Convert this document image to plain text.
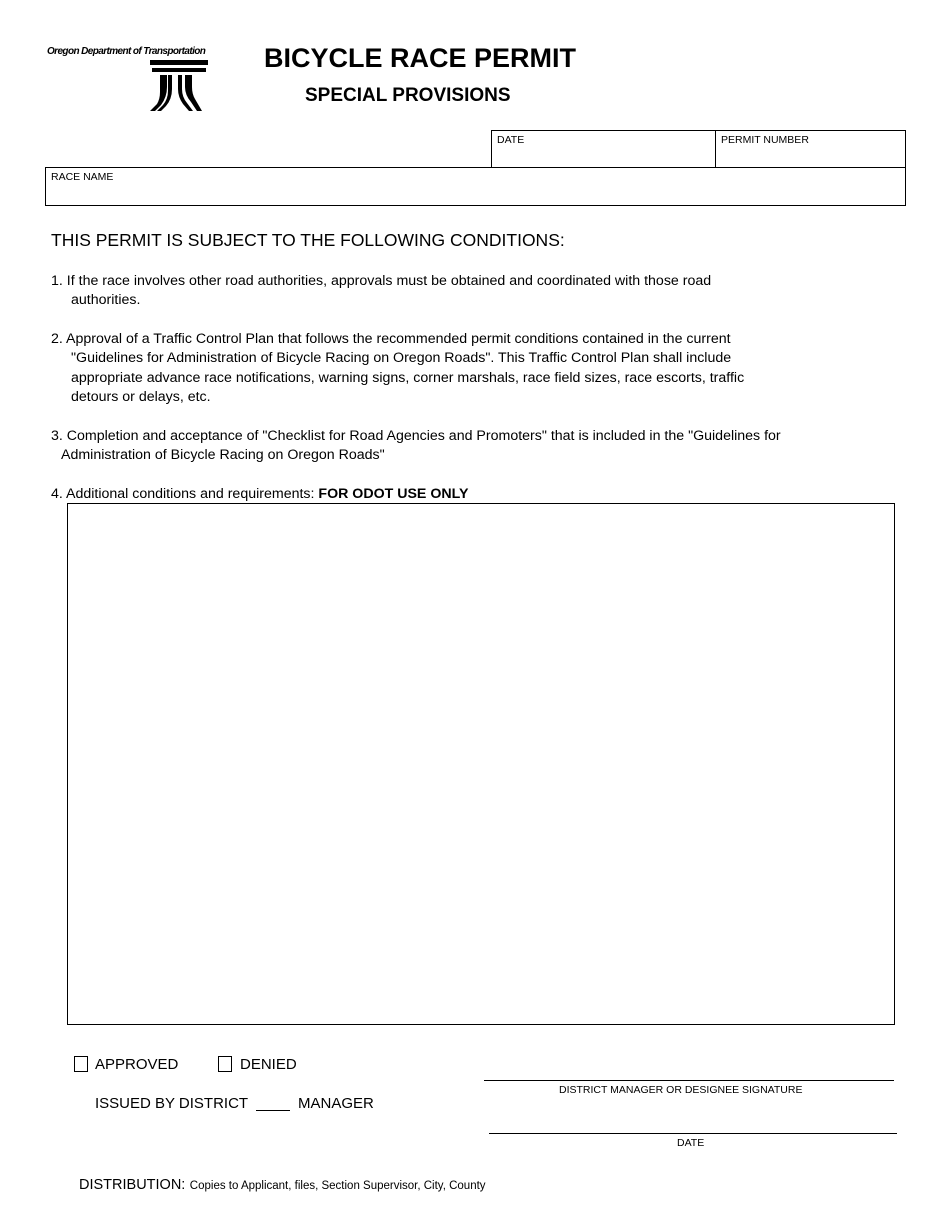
Oregon Department of Transportation BICYCLE RACE PERMIT
SPECIAL PROVISIONS
DATE	PERMIT NUMBER
RACE NAME
THIS PERMIT IS SUBJECT TO THE FOLLOWING CONDITIONS:
1. If the race involves other road authorities, approvals must be obtained and coordinated with those road
authorities.
2. Approval of a Traffic Control Plan that follows the recommended permit conditions contained in the current
"Guidelines for Administration of Bicycle Racing on Oregon Roads". This Traffic Control Plan shall include
appropriate advance race notifications, warning signs, corner marshals, race field sizes, race escorts, traffic
detours or delays, etc.
3. Completion and acceptance of "Checklist for Road Agencies and Promoters" that is included in the "Guidelines for
Administration of Bicycle Racing on Oregon Roads"
4. Additional conditions and requirements: FOR ODOT USE ONLY
APPROVED	DENIED
ISSUED BY DISTRICT	MANAGER
DISTRICT MANAGER OR DESIGNEE SIGNATURE
DATE
DISTRIBUTION: Copies to Applicant, files, Section Supervisor, City, County
